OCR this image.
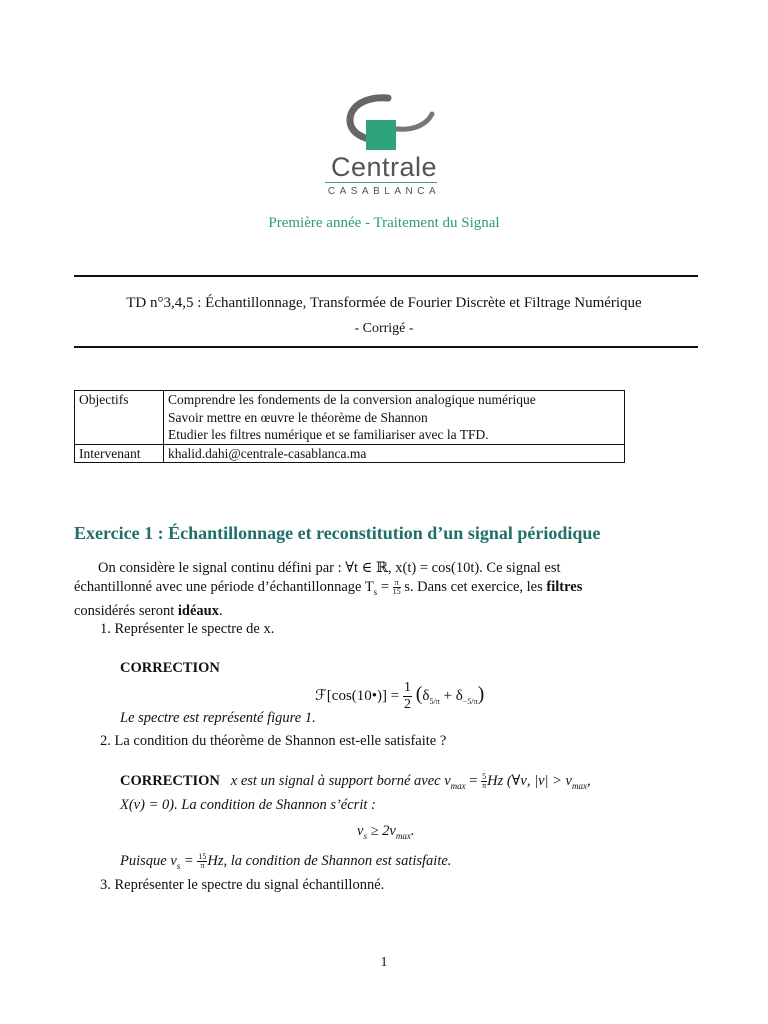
Centrale
CASABLANCA
Première année - Traitement du Signal
TD n°3,4,5 : Échantillonnage, Transformée de Fourier Discrète et Filtrage Numérique
- Corrigé -
Objectifs	Comprendre les fondements de la conversion analogique numérique
Savoir mettre en œuvre le théorème de Shannon
Etudier les filtres numérique et se familiariser avec la TFD.

Intervenant	khalid.dahi@centrale-casablanca.ma
Exercice 1 : Échantillonnage et reconstitution d’un signal périodique
On considère le signal continu défini par : ∀t ∈ ℝ, x(t) = cos(10t). Ce signal est
échantillonné avec une période d’échantillonnage $T_s = \frac{\pi}{15} s$. Dans cet exercice, les filtres
considérés seront idéaux.
1. Représenter le spectre de x.
CORRECTION
ℱ[cos(10•)] = $\frac{1}{2} (\delta_{5/\pi} + \delta_{-5/\pi})$
Le spectre est représenté figure 1.
2. La condition du théorème de Shannon est-elle satisfaite ?
CORRECTION x est un signal à support borné avec $\nu_{max} = \frac{5}{\pi}Hz$ (∀ν, $|\nu| > \nu_{max}$,
X(ν) = 0). La condition de Shannon s’écrit :
$\nu_s \ge 2\nu_{max}$.
Puisque $\nu_s = \frac{15}{\pi}Hz$, la condition de Shannon est satisfaite.
3. Représenter le spectre du signal échantillonné.
1
